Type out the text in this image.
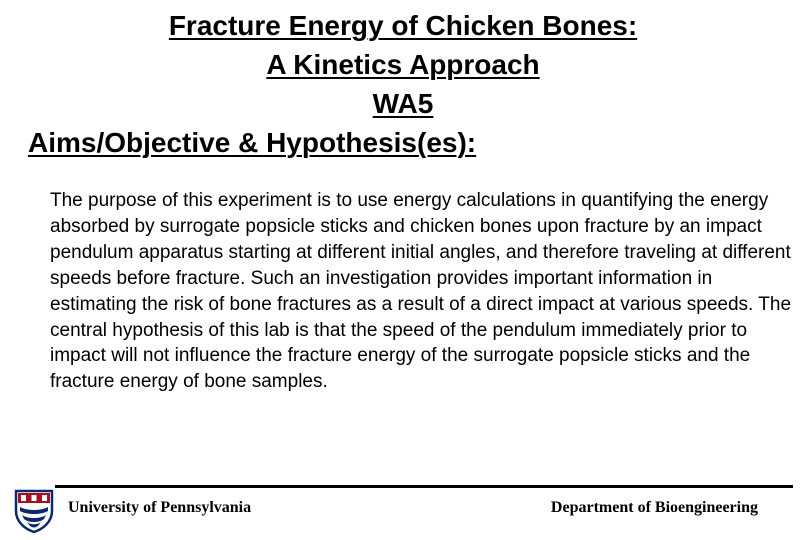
Fracture Energy of Chicken Bones:
A Kinetics Approach
WA5
Aims/Objective & Hypothesis(es):

The purpose of this experiment is to use energy calculations in quantifying the energy absorbed by surrogate popsicle sticks and chicken bones upon fracture by an impact pendulum apparatus starting at different initial angles, and therefore traveling at different speeds before fracture. Such an investigation provides important information in estimating the risk of bone fractures as a result of a direct impact at various speeds. The central hypothesis of this lab is that the speed of the pendulum immediately prior to impact will not influence the fracture energy of the surrogate popsicle sticks and the fracture energy of bone samples.

University of Pennsylvania	Department of Bioengineering
